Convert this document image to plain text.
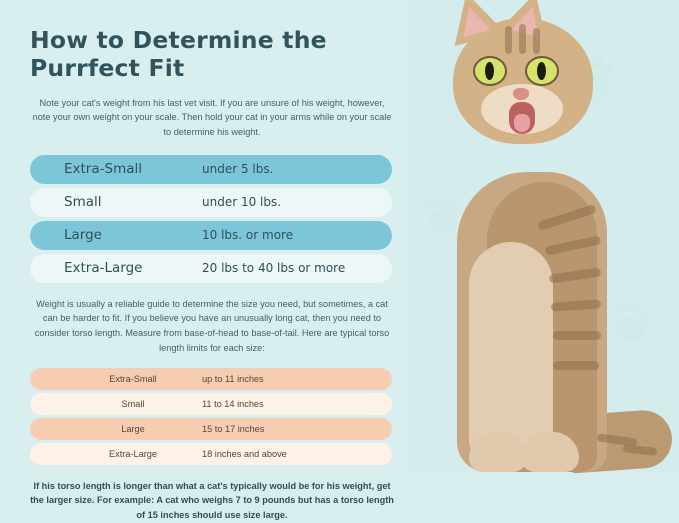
How to Determine the Purrfect Fit

Note your cat's weight from his last vet visit. If you are unsure of his weight, however, note your own weight on your scale. Then hold your cat in your arms while on your scale to determine his weight.

Extra-Small	under 5 lbs.
Small	under 10 lbs.
Large	10 lbs. or more
Extra-Large	20 lbs to 40 lbs or more

Weight is usually a reliable guide to determine the size you need, but sometimes, a cat can be harder to fit. If you believe you have an unusually long cat, then you need to consider torso length. Measure from base-of-head to base-of-tail. Here are typical torso length limits for each size:

Extra-Small	up to 11 inches
Small	11 to 14 inches
Large	15 to 17 inches
Extra-Large	18 inches and above

If his torso length is longer than what a cat's typically would be for his weight, get the larger size. For example: A cat who weighs 7 to 9 pounds but has a torso length of 15 inches should use size large.
